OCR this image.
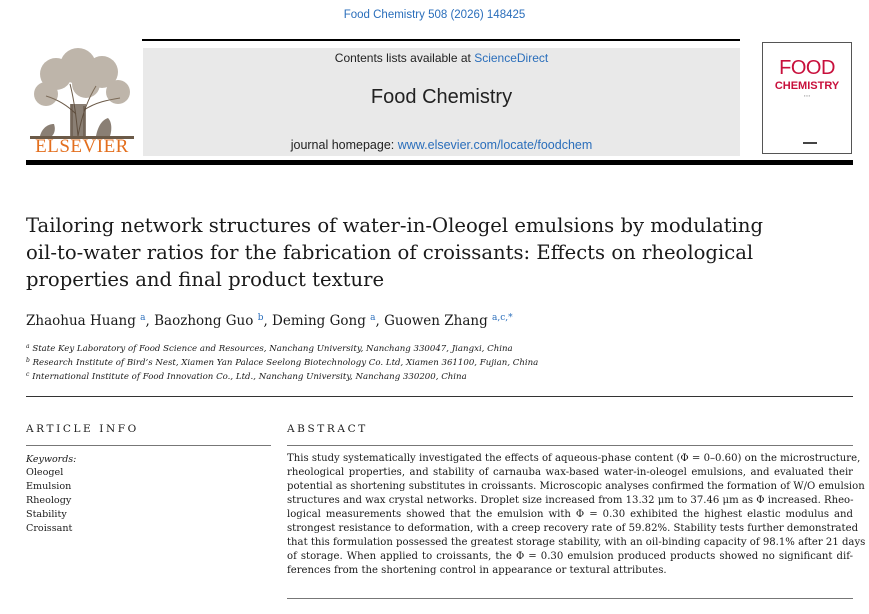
Food Chemistry 508 (2026) 148425
ELSEVIER
Contents lists available at ScienceDirect
Food Chemistry
journal homepage: www.elsevier.com/locate/foodchem
FOOD
CHEMISTRY
▪ ▪ ▪
Tailoring network structures of water-in-Oleogel emulsions by modulating
oil-to-water ratios for the fabrication of croissants: Effects on rheological
properties and final product texture
Zhaohua Huang $^a$, Baozhong Guo $^b$, Deming Gong $^a$, Guowen Zhang $^{a,c,*}$
$^a$ State Key Laboratory of Food Science and Resources, Nanchang University, Nanchang 330047, Jiangxi, China
$^b$ Research Institute of Bird’s Nest, Xiamen Yan Palace Seelong Biotechnology Co. Ltd, Xiamen 361100, Fujian, China
$^c$ International Institute of Food Innovation Co., Ltd., Nanchang University, Nanchang 330200, China
ARTICLE INFO	ABSTRACT
Keywords:
Oleogel
Emulsion
Rheology
Stability
Croissant
This study systematically investigated the effects of aqueous-phase content (Φ = 0–0.60) on the microstructure,
rheological properties, and stability of carnauba wax-based water-in-oleogel emulsions, and evaluated their
potential as shortening substitutes in croissants. Microscopic analyses confirmed the formation of W/O emulsion
structures and wax crystal networks. Droplet size increased from 13.32 μm to 37.46 μm as Φ increased. Rheo-
logical measurements showed that the emulsion with Φ = 0.30 exhibited the highest elastic modulus and
strongest resistance to deformation, with a creep recovery rate of 59.82%. Stability tests further demonstrated
that this formulation possessed the greatest storage stability, with an oil-binding capacity of 98.1% after 21 days
of storage. When applied to croissants, the Φ = 0.30 emulsion produced products showed no significant dif-
ferences from the shortening control in appearance or textural attributes.
